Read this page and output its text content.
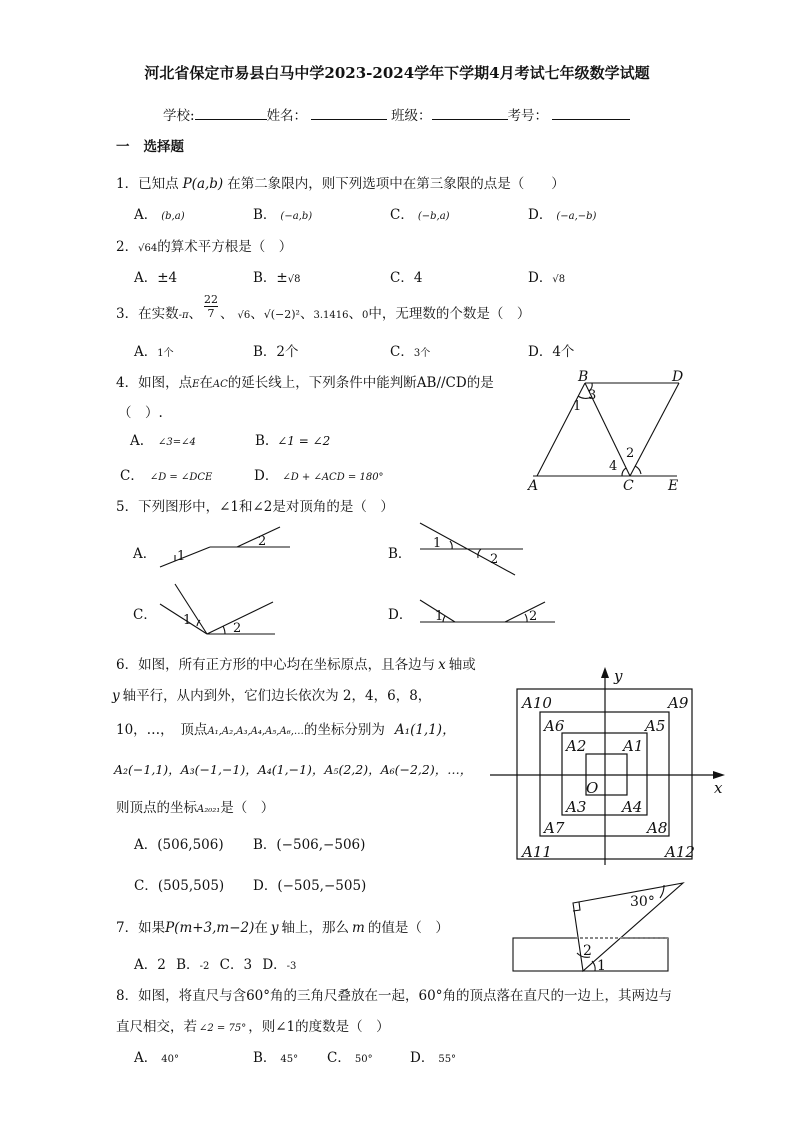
河北省保定市易县白马中学2023-2024学年下学期4月考试七年级数学试题
学校:	姓名：	班级：	考号：
一 选择题
1．已知点 P(a,b) 在第二象限内，则下列选项中在第三象限的点是（　　）
A． (b,a)	B． (−a,b)	C． (−b,a)	D． (−a,−b)
2．√64的算术平方根是（　）
A．±4	B．±√8	C．4	D．√8
3．在实数-π、 $\frac{22}{7}$ 、 √6、√(−2)²、3.1416、0中，无理数的个数是（　）
A．1个	B．2个	C．3个	D．4个
4．如图，点E在AC的延长线上，下列条件中能判断AB//CD的是
（　）.
A. ∠3=∠4	B. ∠1 = ∠2
C． ∠D = ∠DCE	D． ∠D + ∠ACD = 180°
B	D
3
1
2
4
A	C E
5．下列图形中，∠1和∠2是对顶角的是（　）
A．	B．
C．	D．
1
2	1
2
1
2
1	2
6．如图，所有正方形的中心均在坐标原点，且各边与 x 轴或
y 轴平行，从内到外，它们边长依次为 2，4，6，8，
10，…，　顶点A₁,A₂,A₃,A₄,A₅,A₆,…的坐标分别为 A₁(1,1)，
A₂(−1,1)，A₃(−1,−1)，A₄(1,−1)，A₅(2,2)，A₆(−2,2)，…，
则顶点的坐标A₂₀₂₁是（　）
A．(506,506) B．(−506,−506)
C．(505,505) D．(−505,−505)
y
x
O
A10	A9
A6	A5
A2 A1
A3 A4
A7	A8
A11	A12
7．如果P(m+3,m−2)在 y 轴上，那么 m 的值是（　）
A．2 B．-2 C．3 D．-3
30°
2
1
8．如图，将直尺与含60°角的三角尺叠放在一起，60°角的顶点落在直尺的一边上，其两边与
直尺相交，若 ∠2 = 75° ，则∠1的度数是（　）
A． 40°	B． 45° C． 50°	D． 55°
